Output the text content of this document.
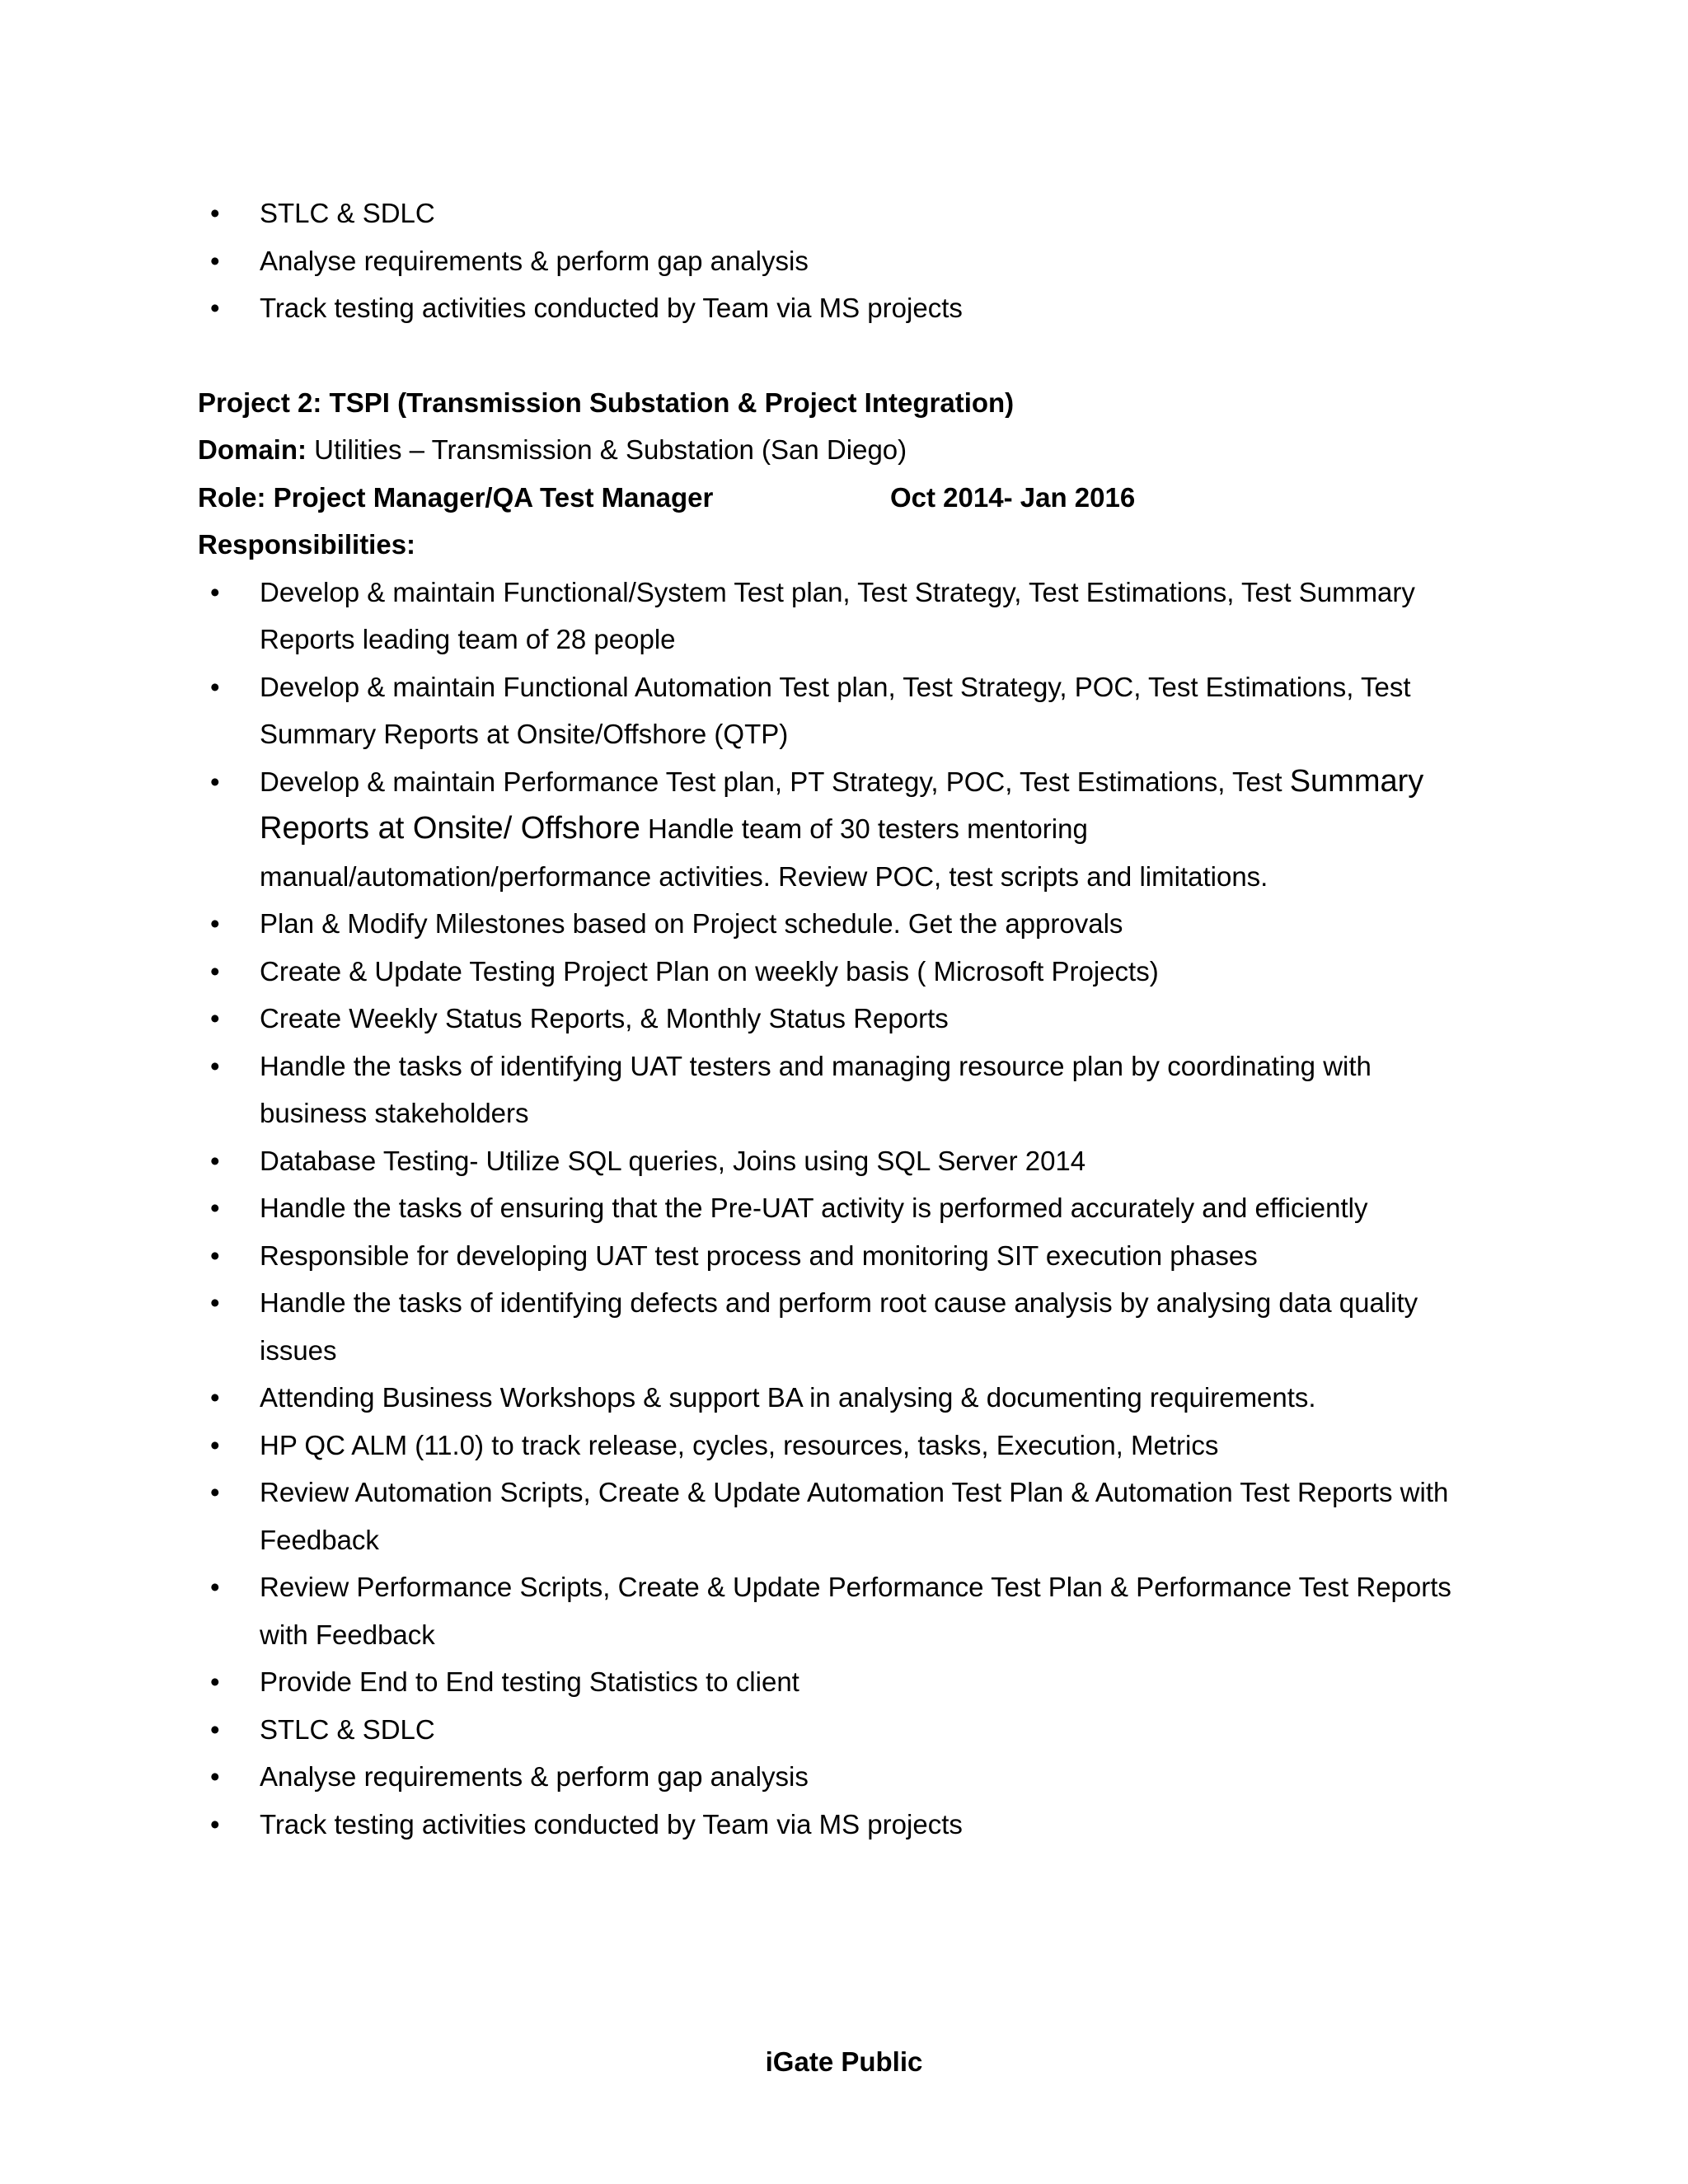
• STLC & SDLC
• Analyse requirements & perform gap analysis
• Track testing activities conducted by Team via MS projects
Project 2: TSPI (Transmission Substation & Project Integration)
Domain: Utilities – Transmission & Substation (San Diego)
Role: Project Manager/QA Test Manager	Oct 2014- Jan 2016
Responsibilities:
• Develop & maintain Functional/System Test plan, Test Strategy, Test Estimations, Test Summary Reports leading team of 28 people
• Develop & maintain Functional Automation Test plan, Test Strategy, POC, Test Estimations, Test Summary Reports at Onsite/Offshore (QTP)
• Develop & maintain Performance Test plan, PT Strategy, POC, Test Estimations, Test Summary Reports at Onsite/ Offshore Handle team of 30 testers mentoring manual/automation/performance activities. Review POC, test scripts and limitations.
• Plan & Modify Milestones based on Project schedule. Get the approvals
• Create & Update Testing Project Plan on weekly basis ( Microsoft Projects)
• Create Weekly Status Reports, & Monthly Status Reports
• Handle the tasks of identifying UAT testers and managing resource plan by coordinating with business stakeholders
• Database Testing- Utilize SQL queries, Joins using SQL Server 2014
• Handle the tasks of ensuring that the Pre-UAT activity is performed accurately and efficiently
• Responsible for developing UAT test process and monitoring SIT execution phases
• Handle the tasks of identifying defects and perform root cause analysis by analysing data quality issues
• Attending Business Workshops & support BA in analysing & documenting requirements.
• HP QC ALM (11.0) to track release, cycles, resources, tasks, Execution, Metrics
• Review Automation Scripts, Create & Update Automation Test Plan & Automation Test Reports with Feedback
• Review Performance Scripts, Create & Update Performance Test Plan & Performance Test Reports with Feedback
• Provide End to End testing Statistics to client
• STLC & SDLC
• Analyse requirements & perform gap analysis
• Track testing activities conducted by Team via MS projects
iGate Public
